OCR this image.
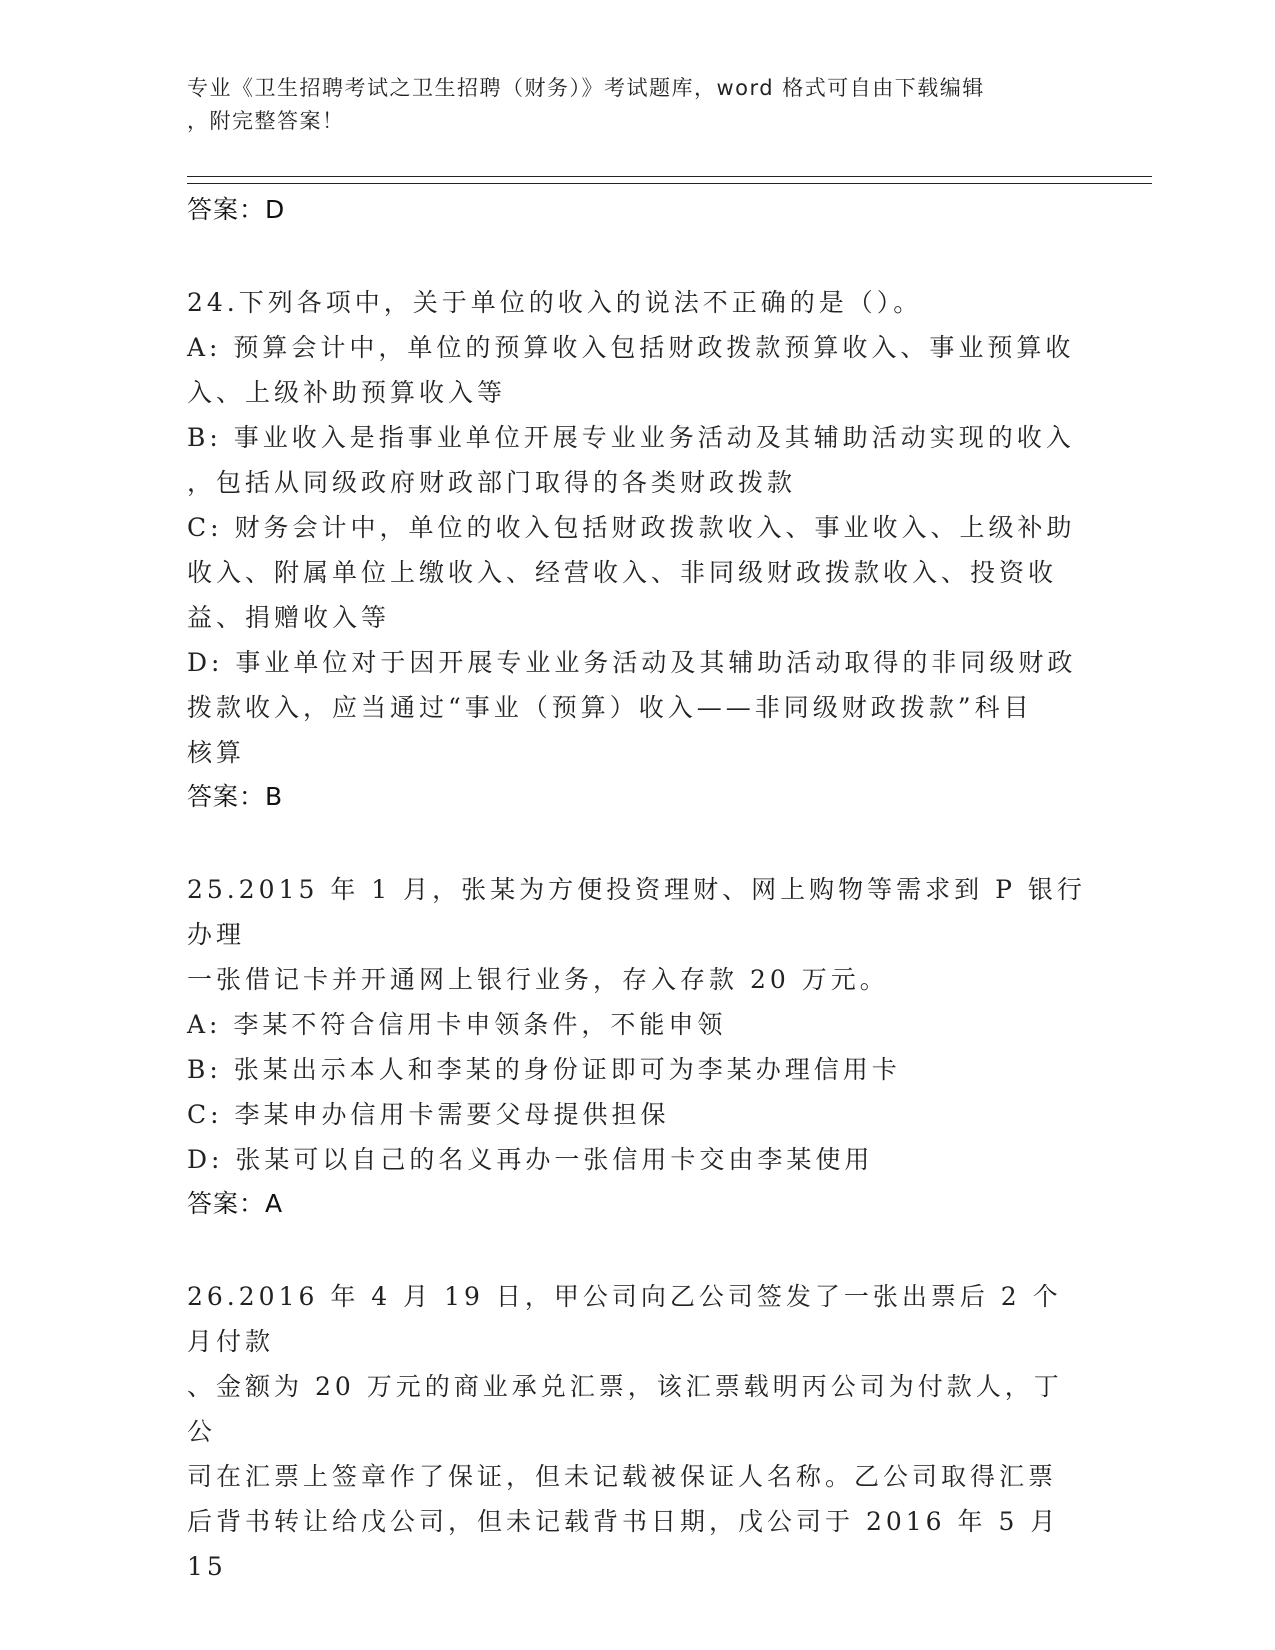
专业《卫生招聘考试之卫生招聘（财务）》考试题库，word 格式可自由下载编辑
，附完整答案！
答案：D

24.下列各项中，关于单位的收入的说法不正确的是（）。

A: 预算会计中，单位的预算收入包括财政拨款预算收入、事业预算收

入、上级补助预算收入等

B: 事业收入是指事业单位开展专业业务活动及其辅助活动实现的收入

，包括从同级政府财政部门取得的各类财政拨款

C: 财务会计中，单位的收入包括财政拨款收入、事业收入、上级补助

收入、附属单位上缴收入、经营收入、非同级财政拨款收入、投资收

益、捐赠收入等

D: 事业单位对于因开展专业业务活动及其辅助活动取得的非同级财政

拨款收入，应当通过“事业（预算）收入——非同级财政拨款”科目

核算

答案：B

25.2015 年 1 月，张某为方便投资理财、网上购物等需求到 P 银行办理

一张借记卡并开通网上银行业务，存入存款 20 万元。

A: 李某不符合信用卡申领条件，不能申领

B: 张某出示本人和李某的身份证即可为李某办理信用卡

C: 李某申办信用卡需要父母提供担保

D: 张某可以自己的名义再办一张信用卡交由李某使用

答案：A

26.2016 年 4 月 19 日，甲公司向乙公司签发了一张出票后 2 个月付款

、金额为 20 万元的商业承兑汇票，该汇票载明丙公司为付款人，丁公

司在汇票上签章作了保证，但未记载被保证人名称。乙公司取得汇票

后背书转让给戊公司，但未记载背书日期，戊公司于 2016 年 5 月 15
